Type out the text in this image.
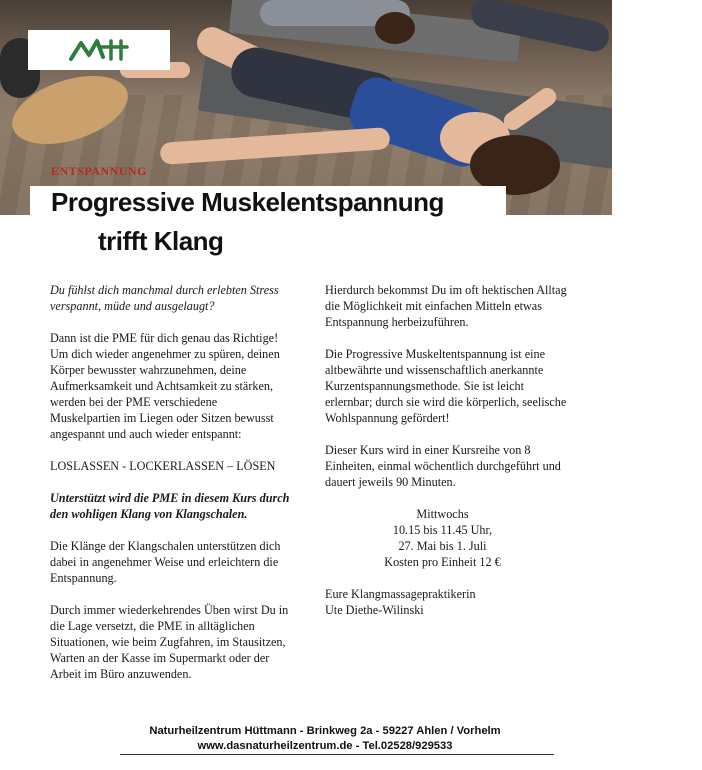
ENTSPANNUNG
Progressive Muskelentspannung
trifft Klang

Du fühlst dich manchmal durch erlebten Stress verspannt, müde und ausgelaugt?

Dann ist die PME für dich genau das Richtige! Um dich wieder angenehmer zu spüren, deinen Körper bewusster wahrzunehmen, deine Aufmerksamkeit und Achtsamkeit zu stärken, werden bei der PME verschiedene Muskelpartien im Liegen oder Sitzen bewusst angespannt und auch wieder entspannt:

LOSLASSEN - LOCKERLASSEN – LÖSEN

Unterstützt wird die PME in diesem Kurs durch den wohligen Klang von Klangschalen.

Die Klänge der Klangschalen unterstützen dich dabei in angenehmer Weise und erleichtern die Entspannung.

Durch immer wiederkehrendes Üben wirst Du in die Lage versetzt, die PME in alltäglichen Situationen, wie beim Zugfahren, im Stausitzen, Warten an der Kasse im Supermarkt oder der Arbeit im Büro anzuwenden.

Hierdurch bekommst Du im oft hektischen Alltag die Möglichkeit mit einfachen Mitteln etwas Entspannung herbeizuführen.

Die Progressive Muskeltentspannung ist eine altbewährte und wissenschaftlich anerkannte Kurzentspannungsmethode. Sie ist leicht erlernbar; durch sie wird die körperlich, seelische Wohlspannung gefördert!

Dieser Kurs wird in einer Kursreihe von 8 Einheiten, einmal wöchentlich durchgeführt und dauert jeweils 90 Minuten.

Mittwochs
10.15 bis 11.45 Uhr,
27. Mai bis 1. Juli
Kosten pro Einheit 12 €
Eure Klangmassagepraktikerin
Ute Diethe-Wilinski
Naturheilzentrum Hüttmann - Brinkweg 2a - 59227 Ahlen / Vorhelm
www.dasnaturheilzentrum.de - Tel.02528/929533
